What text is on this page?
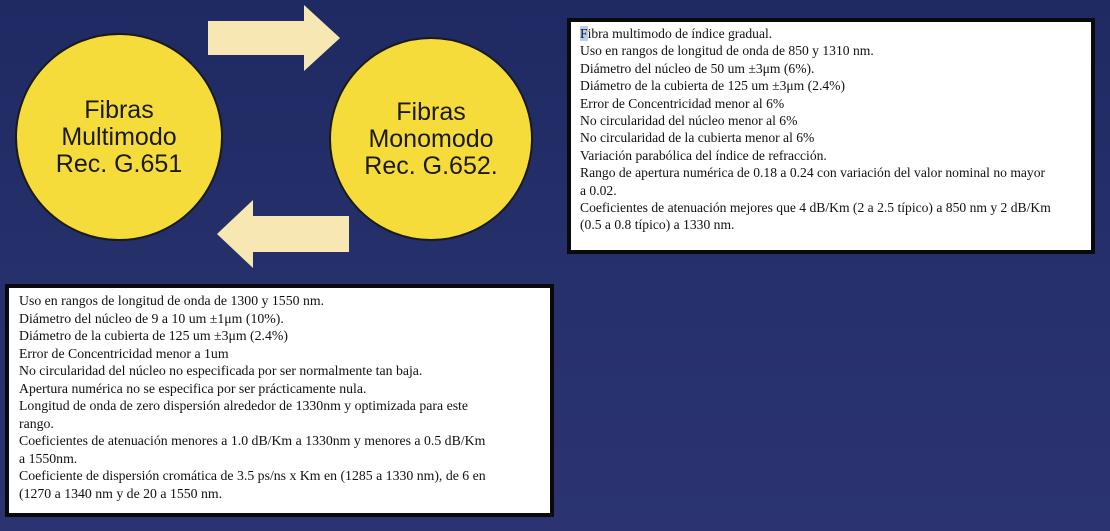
Fibras
Multimodo
Rec. G.651
Fibras
Monomodo
Rec. G.652.
Fibra multimodo de índice gradual.
Uso en rangos de longitud de onda de 850 y 1310 nm.
Diámetro del núcleo de 50 um ±3μm (6%).
Diámetro de la cubierta de 125 um ±3μm (2.4%)
Error de Concentricidad menor al 6%
No circularidad del núcleo menor al 6%
No circularidad de la cubierta menor al 6%
Variación parabólica del índice de refracción.
Rango de apertura numérica de 0.18 a 0.24 con variación del valor nominal no mayor
a 0.02.
Coeficientes de atenuación mejores que 4 dB/Km (2 a 2.5 típico) a 850 nm y 2 dB/Km
(0.5 a 0.8 típico) a 1330 nm.
Uso en rangos de longitud de onda de 1300 y 1550 nm.
Diámetro del núcleo de 9 a 10 um ±1μm (10%).
Diámetro de la cubierta de 125 um ±3μm (2.4%)
Error de Concentricidad menor a 1um
No circularidad del núcleo no especificada por ser normalmente tan baja.
Apertura numérica no se especifica por ser prácticamente nula.
Longitud de onda de zero dispersión alrededor de 1330nm y optimizada para este
rango.
Coeficientes de atenuación menores a 1.0 dB/Km a 1330nm y menores a 0.5 dB/Km
a 1550nm.
Coeficiente de dispersión cromática de 3.5 ps/ns x Km en (1285 a 1330 nm), de 6 en
(1270 a 1340 nm y de 20 a 1550 nm.
